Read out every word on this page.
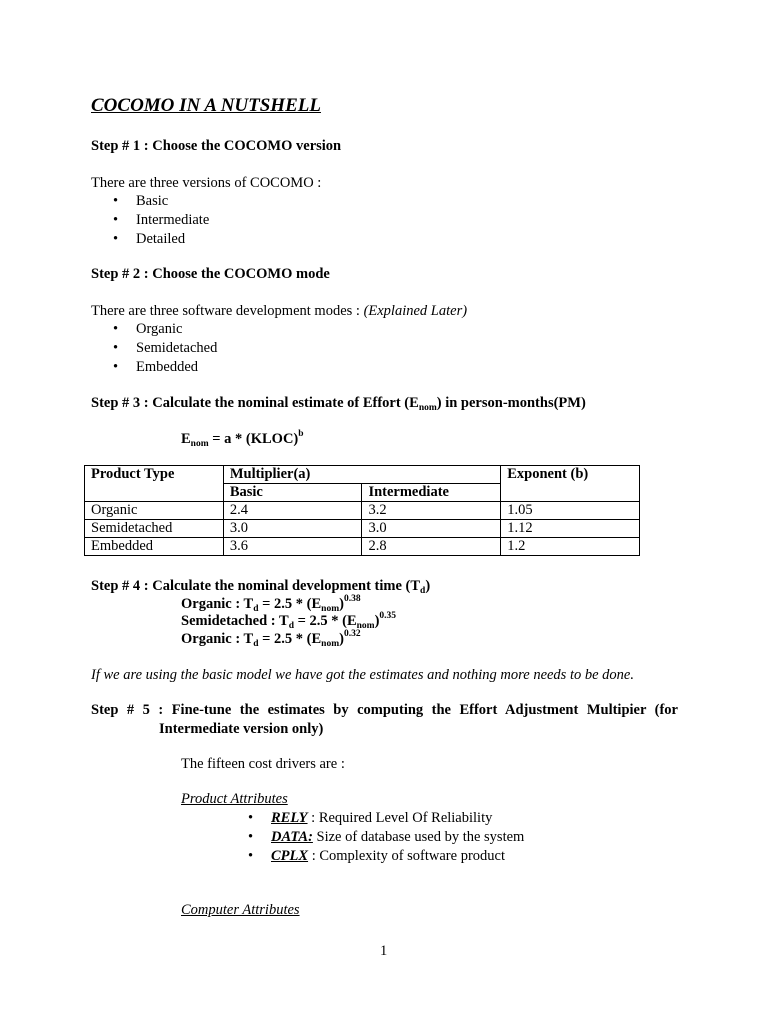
COCOMO IN A NUTSHELL
Step # 1 : Choose the COCOMO version
There are three versions of COCOMO :
• Basic
• Intermediate
• Detailed
Step # 2 : Choose the COCOMO mode
There are three software development modes : (Explained Later)
• Organic
• Semidetached
• Embedded
Step # 3 : Calculate the nominal estimate of Effort $(E_{nom})$ in person-months(PM)
$E_{nom} = a$ * (KLOC)$^b$
Product Type	Multiplier(a)		Exponent (b)
	Basic	Intermediate	
Organic	2.4	3.2	1.05
Semidetached	3.0	3.0	1.12
Embedded	3.6	2.8	1.2
Step # 4 : Calculate the nominal development time $(T_d)$
Organic : $T_d = 2.5 * (E_{nom})^{0.38}$
Semidetached : $T_d = 2.5 * (E_{nom})^{0.35}$
Organic : $T_d = 2.5 * (E_{nom})^{0.32}$
If we are using the basic model we have got the estimates and nothing more needs to be done.
Step # 5 : Fine-tune the estimates by computing the Effort Adjustment Multipier (for
Intermediate version only)
The fifteen cost drivers are :
Product Attributes
• RELY : Required Level Of Reliability
• DATA: Size of database used by the system
• CPLX : Complexity of software product
Computer Attributes
1
